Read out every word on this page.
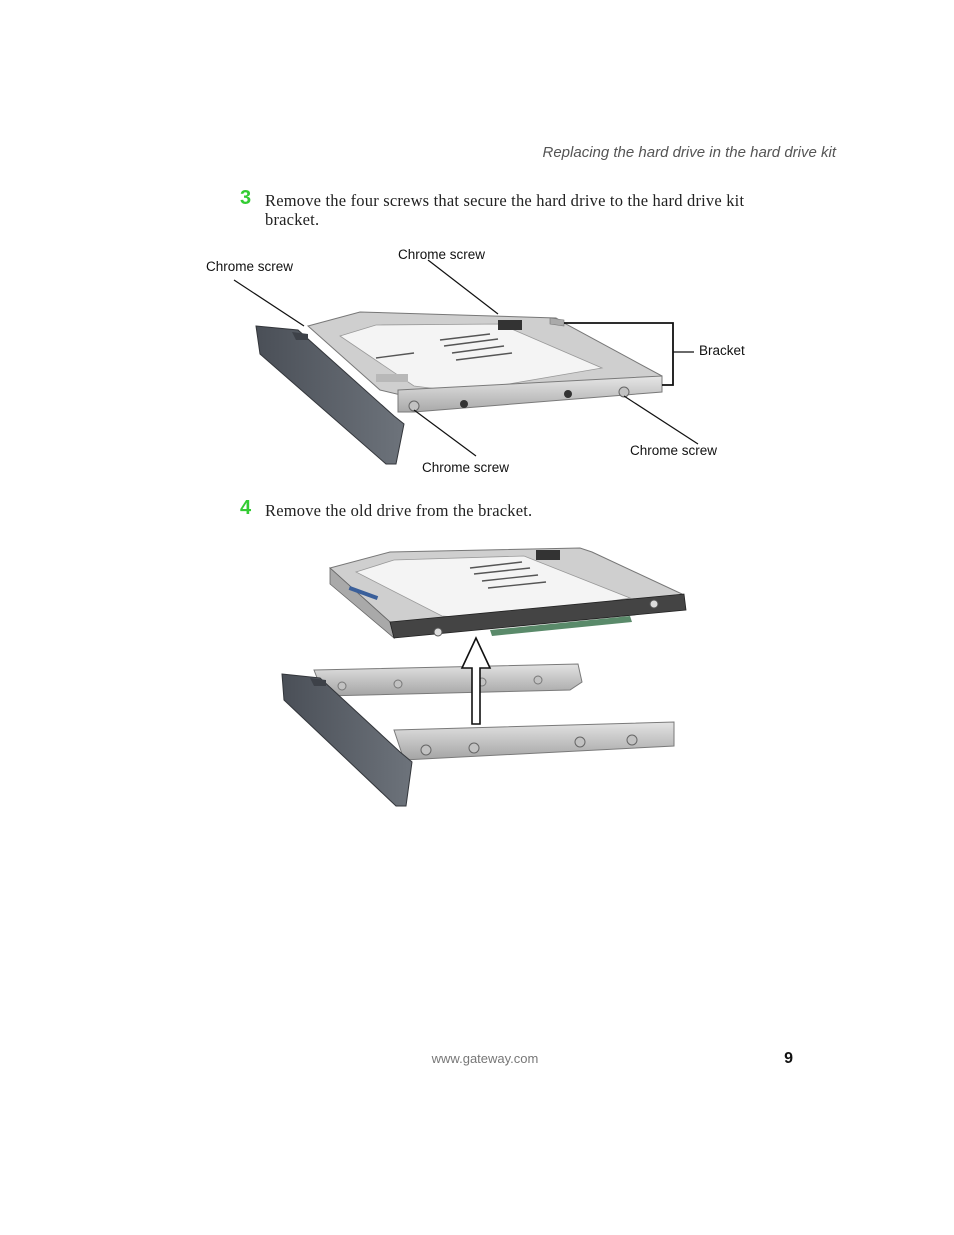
Replacing the hard drive in the hard drive kit
3 Remove the four screws that secure the hard drive to the hard drive kit bracket.
Chrome screw
Chrome screw
Bracket
Chrome screw
Chrome screw
4 Remove the old drive from the bracket.
www.gateway.com	9
